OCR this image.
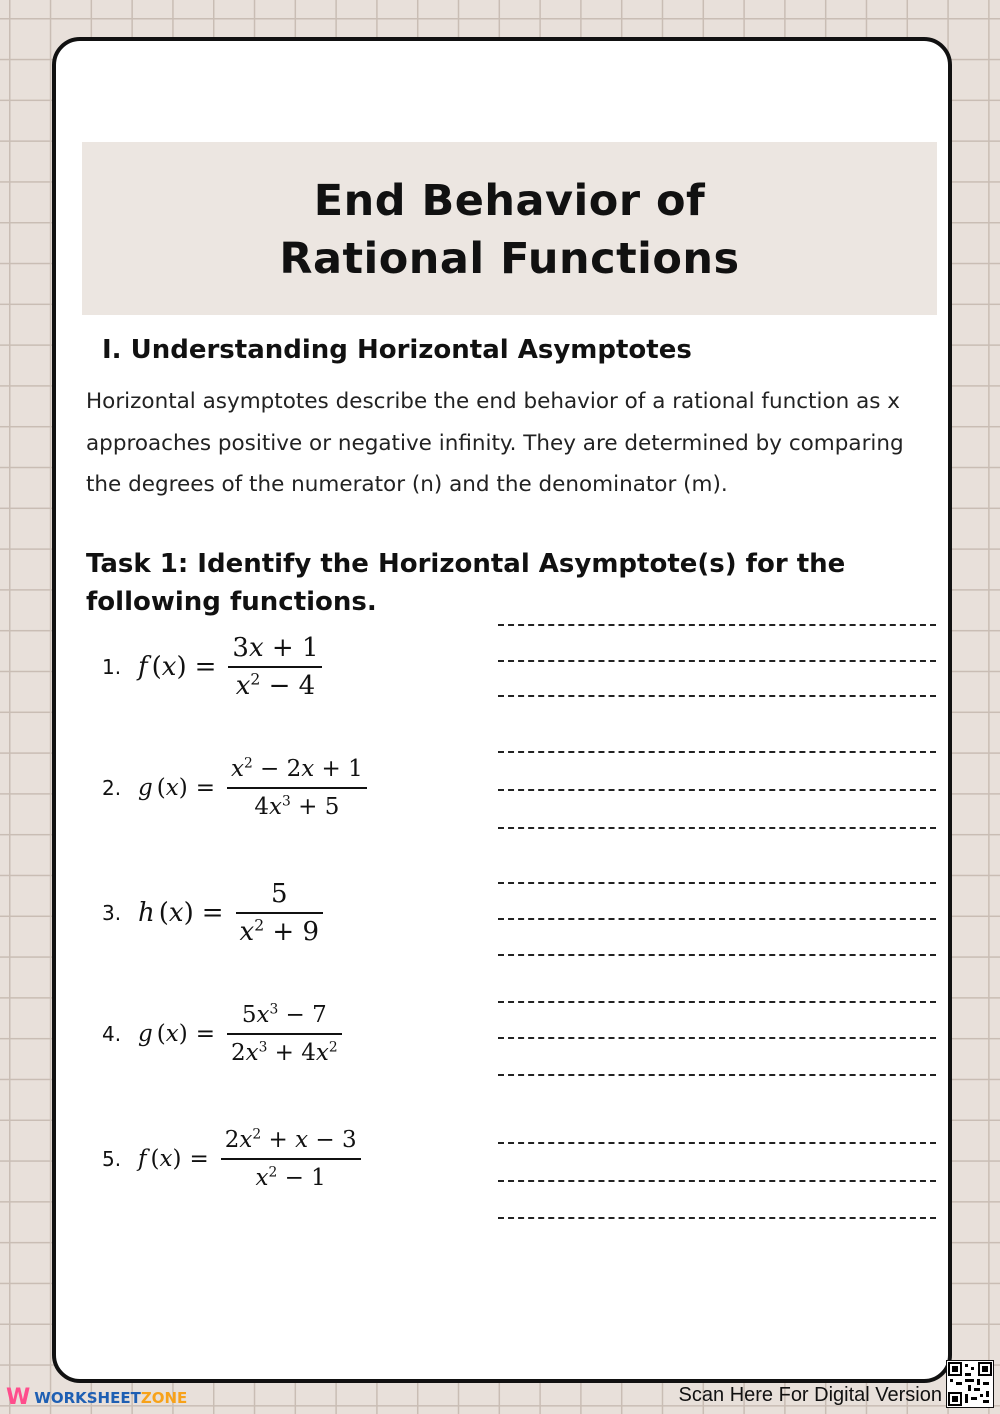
End Behavior of
Rational Functions
I. Understanding Horizontal Asymptotes
Horizontal asymptotes describe the end behavior of a rational function as x approaches positive or negative infinity. They are determined by comparing the degrees of the numerator (n) and the denominator (m).
Task 1: Identify the Horizontal Asymptote(s) for the following functions.
1. f $(x) = \frac{3x + 1}{x^2 - 4}$
2. g $(x) = \frac{x^2 - 2x + 1}{4x^3 + 5}$
3. h $(x) = \frac{5}{x^2 + 9}$
4. g $(x) = \frac{5x^3 - 7}{2x^3 + 4x^2}$
5. f $(x) = \frac{2x^2 + x - 3}{x^2 - 1}$
W WORKSHEET ZONE	Scan Here For Digital Version
